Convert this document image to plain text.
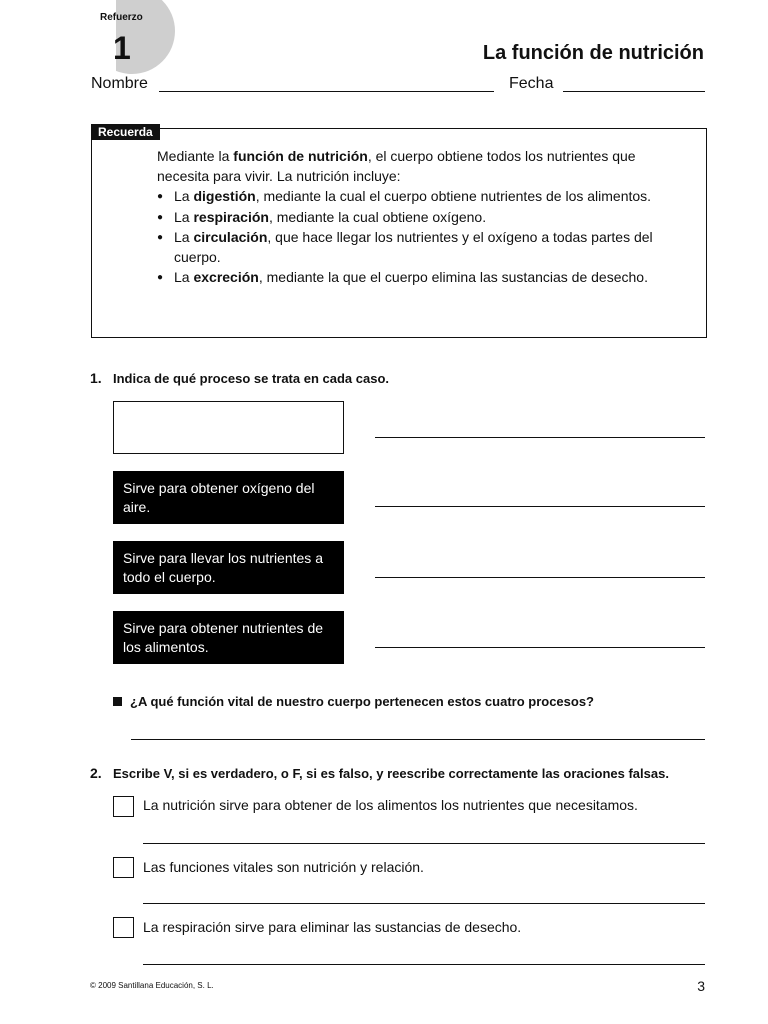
Refuerzo
1	La función de nutrición
Nombre	Fecha
Recuerda
Mediante la función de nutrición, el cuerpo obtiene todos los nutrientes que necesita para vivir. La nutrición incluye:
● La digestión, mediante la cual el cuerpo obtiene nutrientes de los alimentos.
● La respiración, mediante la cual obtiene oxígeno.
● La circulación, que hace llegar los nutrientes y el oxígeno a todas partes del cuerpo.
● La excreción, mediante la que el cuerpo elimina las sustancias de desecho.
1. Indica de qué proceso se trata en cada caso.
Sirve para obtener oxígeno del aire.
Sirve para llevar los nutrientes a todo el cuerpo.
Sirve para obtener nutrientes de los alimentos.
¿A qué función vital de nuestro cuerpo pertenecen estos cuatro procesos?
2. Escribe V, si es verdadero, o F, si es falso, y reescribe correctamente las oraciones falsas.
La nutrición sirve para obtener de los alimentos los nutrientes que necesitamos.
Las funciones vitales son nutrición y relación.
La respiración sirve para eliminar las sustancias de desecho.
© 2009 Santillana Educación, S. L.	3
